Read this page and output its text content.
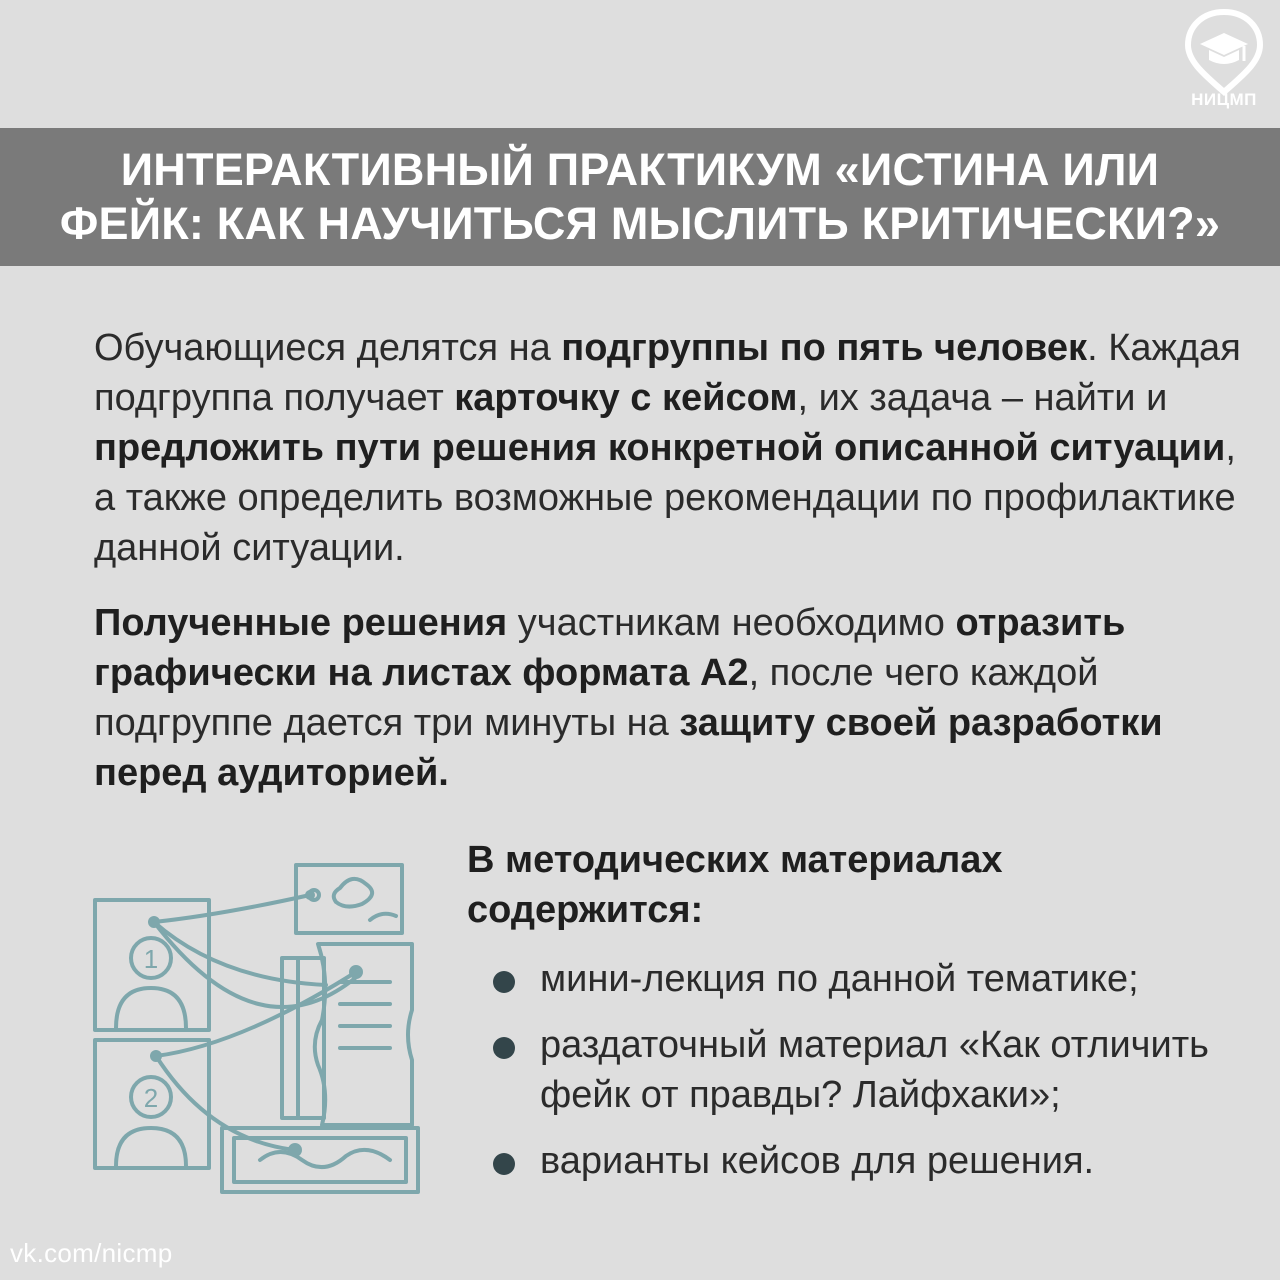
НИЦМП
ИНТЕРАКТИВНЫЙ ПРАКТИКУМ «ИСТИНА ИЛИ
ФЕЙК: КАК НАУЧИТЬСЯ МЫСЛИТЬ КРИТИЧЕСКИ?»
Обучающиеся делятся на подгруппы по пять человек. Каждая подгруппа получает карточку с кейсом, их задача – найти и предложить пути решения конкретной описанной ситуации, а также определить возможные рекомендации по профилактике данной ситуации.
Полученные решения участникам необходимо отразить графически на листах формата А2, после чего каждой подгруппе дается три минуты на защиту своей разработки перед аудиторией.
1
2
В методических материалах содержится:
мини-лекция по данной тематике;
раздаточный материал «Как отличить фейк от правды? Лайфхаки»;
варианты кейсов для решения.
vk.com/nicmp
